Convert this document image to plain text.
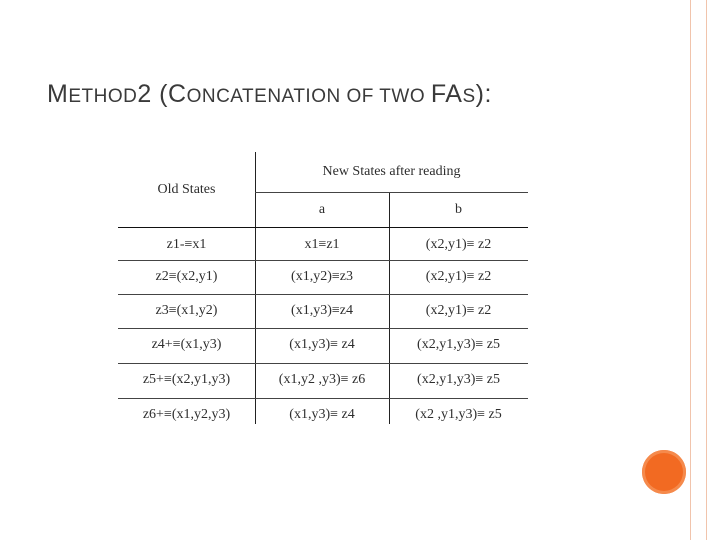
METHOD2 (CONCATENATION OF TWO FAS):
Old States
New States after reading
a	b
z1-≡x1	x1≡z1	(x2,y1)≡ z2
z2≡(x2,y1)	(x1,y2)≡z3	(x2,y1)≡ z2
z3≡(x1,y2)	(x1,y3)≡z4	(x2,y1)≡ z2
z4+≡(x1,y3)	(x1,y3)≡ z4	(x2,y1,y3)≡ z5
z5+≡(x2,y1,y3)	(x1,y2 ,y3)≡ z6	(x2,y1,y3)≡ z5
z6+≡(x1,y2,y3)	(x1,y3)≡ z4	(x2 ,y1,y3)≡ z5
